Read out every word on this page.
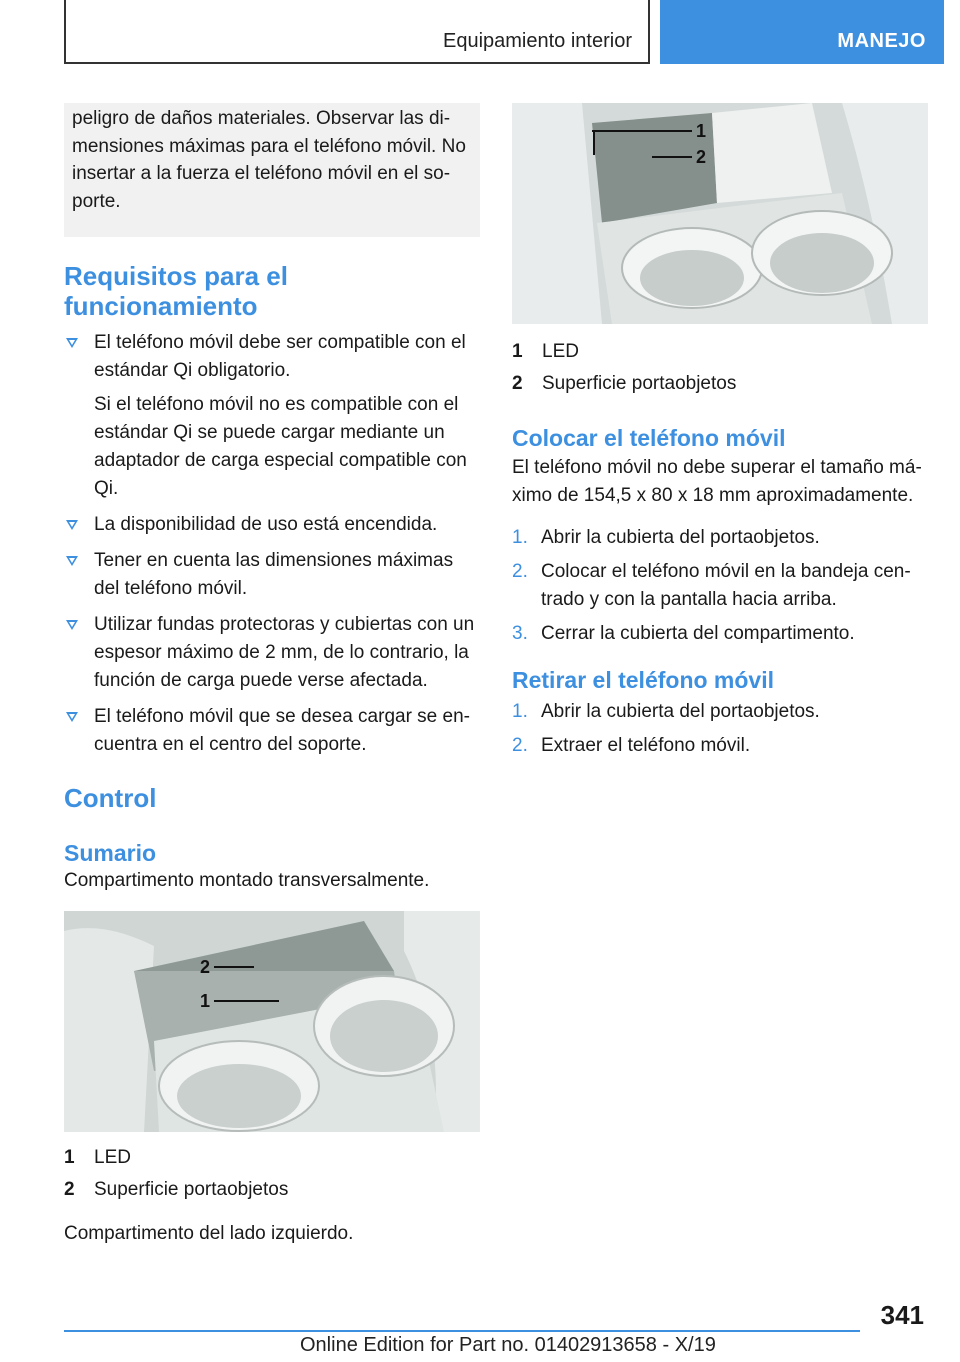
Equipamiento interior	MANEJO
peligro de daños materiales. Observar las di-mensiones máximas para el teléfono móvil. No insertar a la fuerza el teléfono móvil en el so-porte.
Requisitos para el funcionamiento
El teléfono móvil debe ser compatible con el estándar Qi obligatorio.
Si el teléfono móvil no es compatible con el estándar Qi se puede cargar mediante un adaptador de carga especial compatible con Qi.
La disponibilidad de uso está encendida.
Tener en cuenta las dimensiones máximas del teléfono móvil.
Utilizar fundas protectoras y cubiertas con un espesor máximo de 2 mm, de lo contrario, la función de carga puede verse afectada.
El teléfono móvil que se desea cargar se en-cuentra en el centro del soporte.
Control
Sumario

Compartimento montado transversalmente.

2
1
1 LED
2 Superficie portaobjetos

Compartimento del lado izquierdo.

1
2
1 LED
2 Superficie portaobjetos
Colocar el teléfono móvil

El teléfono móvil no debe superar el tamaño má-ximo de 154,5 x 80 x 18 mm aproximadamente.

1. Abrir la cubierta del portaobjetos.
2. Colocar el teléfono móvil en la bandeja cen-trado y con la pantalla hacia arriba.
3. Cerrar la cubierta del compartimento.
Retirar el teléfono móvil
1. Abrir la cubierta del portaobjetos.
2. Extraer el teléfono móvil.
341
Online Edition for Part no. 01402913658 - X/19
